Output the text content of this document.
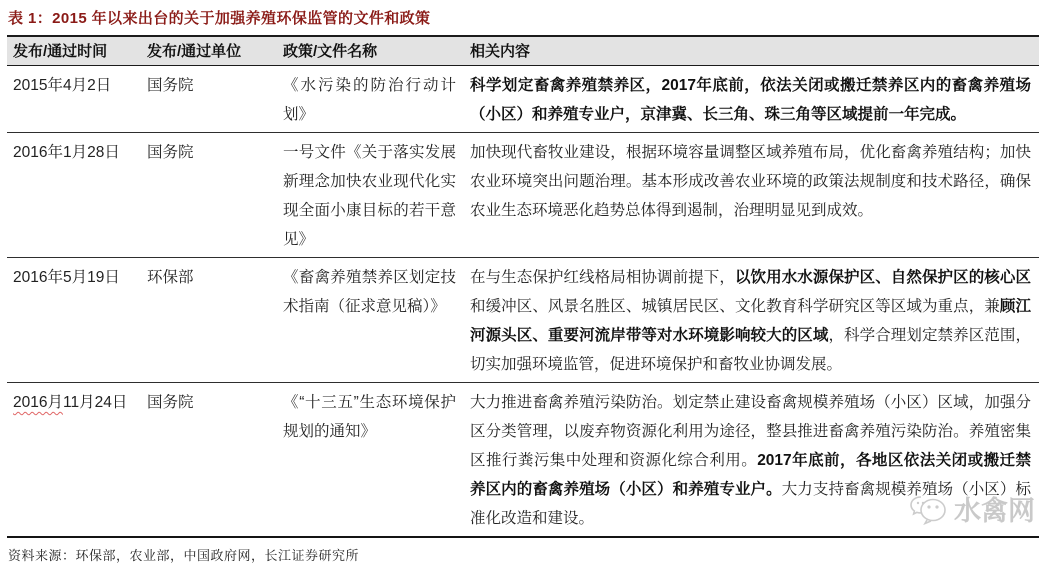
表 1：2015 年以来出台的关于加强养殖环保监管的文件和政策
发布/通过时间	发布/通过单位	政策/文件名称	相关内容
2015年4月2日	国务院	《水污染的防治行动计划》	科学划定畜禽养殖禁养区，2017年底前，依法关闭或搬迁禁养区内的畜禽养殖场（小区）和养殖专业户，京津冀、长三角、珠三角等区域提前一年完成。
2016年1月28日	国务院	一号文件《关于落实发展新理念加快农业现代化实现全面小康目标的若干意见》	加快现代畜牧业建设，根据环境容量调整区域养殖布局，优化畜禽养殖结构；加快农业环境突出问题治理。基本形成改善农业环境的政策法规制度和技术路径，确保农业生态环境恶化趋势总体得到遏制，治理明显见到成效。
2016年5月19日	环保部	《畜禽养殖禁养区划定技术指南（征求意见稿）》	在与生态保护红线格局相协调前提下，以饮用水水源保护区、自然保护区的核心区和缓冲区、风景名胜区、城镇居民区、文化教育科学研究区等区域为重点，兼顾江河源头区、重要河流岸带等对水环境影响较大的区域，科学合理划定禁养区范围，切实加强环境监管，促进环境保护和畜牧业协调发展。
2016月11月24日	国务院	《“十三五”生态环境保护规划的通知》	大力推进畜禽养殖污染防治。划定禁止建设畜禽规模养殖场（小区）区域，加强分区分类管理，以废弃物资源化利用为途径，整县推进畜禽养殖污染防治。养殖密集区推行粪污集中处理和资源化综合利用。2017年底前，各地区依法关闭或搬迁禁养区内的畜禽养殖场（小区）和养殖专业户。大力支持畜禽规模养殖场（小区）标准化改造和建设。
资料来源：环保部，农业部，中国政府网，长江证券研究所
水禽网
